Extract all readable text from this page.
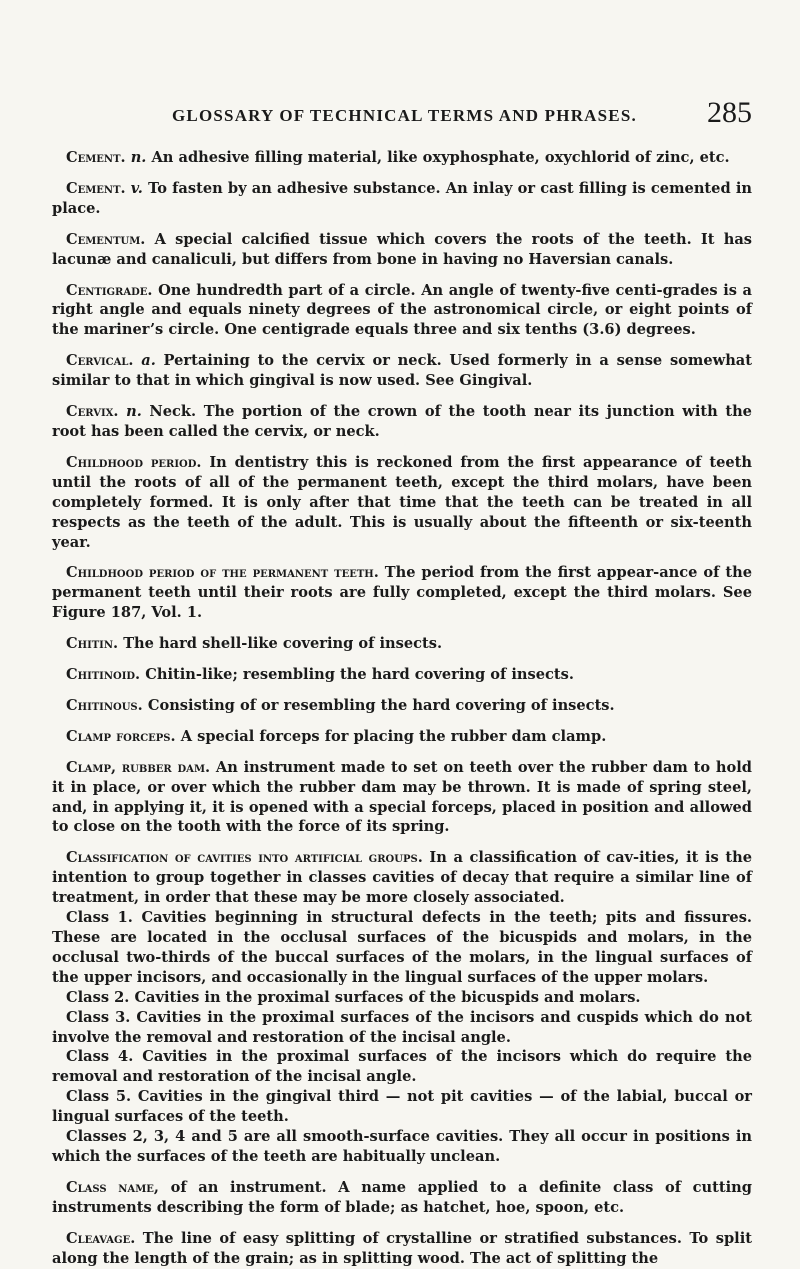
GLOSSARY OF TECHNICAL TERMS AND PHRASES. 285

Cement. n. An adhesive filling material, like oxyphosphate, oxychlorid of zinc, etc.

Cement. v. To fasten by an adhesive substance. An inlay or cast filling is cemented in place.

Cementum. A special calcified tissue which covers the roots of the teeth. It has lacunæ and canaliculi, but differs from bone in having no Haversian canals.

Centigrade. One hundredth part of a circle. An angle of twenty-five centi-grades is a right angle and equals ninety degrees of the astronomical circle, or eight points of the mariner’s circle. One centigrade equals three and six tenths (3.6) degrees.

Cervical. a. Pertaining to the cervix or neck. Used formerly in a sense somewhat similar to that in which gingival is now used. See Gingival.

Cervix. n. Neck. The portion of the crown of the tooth near its junction with the root has been called the cervix, or neck.

Childhood period. In dentistry this is reckoned from the first appearance of teeth until the roots of all of the permanent teeth, except the third molars, have been completely formed. It is only after that time that the teeth can be treated in all respects as the teeth of the adult. This is usually about the fifteenth or six-teenth year.

Childhood period of the permanent teeth. The period from the first appear-ance of the permanent teeth until their roots are fully completed, except the third molars. See Figure 187, Vol. 1.

Chitin. The hard shell-like covering of insects.

Chitinoid. Chitin-like; resembling the hard covering of insects.

Chitinous. Consisting of or resembling the hard covering of insects.

Clamp forceps. A special forceps for placing the rubber dam clamp.

Clamp, rubber dam. An instrument made to set on teeth over the rubber dam to hold it in place, or over which the rubber dam may be thrown. It is made of spring steel, and, in applying it, it is opened with a special forceps, placed in position and allowed to close on the tooth with the force of its spring.

Classification of cavities into artificial groups. In a classification of cav-ities, it is the intention to group together in classes cavities of decay that require a similar line of treatment, in order that these may be more closely associated.

Class 1. Cavities beginning in structural defects in the teeth; pits and fissures. These are located in the occlusal surfaces of the bicuspids and molars, in the occlusal two-thirds of the buccal surfaces of the molars, in the lingual surfaces of the upper incisors, and occasionally in the lingual surfaces of the upper molars.

Class 2. Cavities in the proximal surfaces of the bicuspids and molars.

Class 3. Cavities in the proximal surfaces of the incisors and cuspids which do not involve the removal and restoration of the incisal angle.

Class 4. Cavities in the proximal surfaces of the incisors which do require the removal and restoration of the incisal angle.

Class 5. Cavities in the gingival third — not pit cavities — of the labial, buccal or lingual surfaces of the teeth.

Classes 2, 3, 4 and 5 are all smooth-surface cavities. They all occur in positions in which the surfaces of the teeth are habitually unclean.

Class name, of an instrument. A name applied to a definite class of cutting instruments describing the form of blade; as hatchet, hoe, spoon, etc.

Cleavage. The line of easy splitting of crystalline or stratified substances. To split along the length of the grain; as in splitting wood. The act of splitting the
